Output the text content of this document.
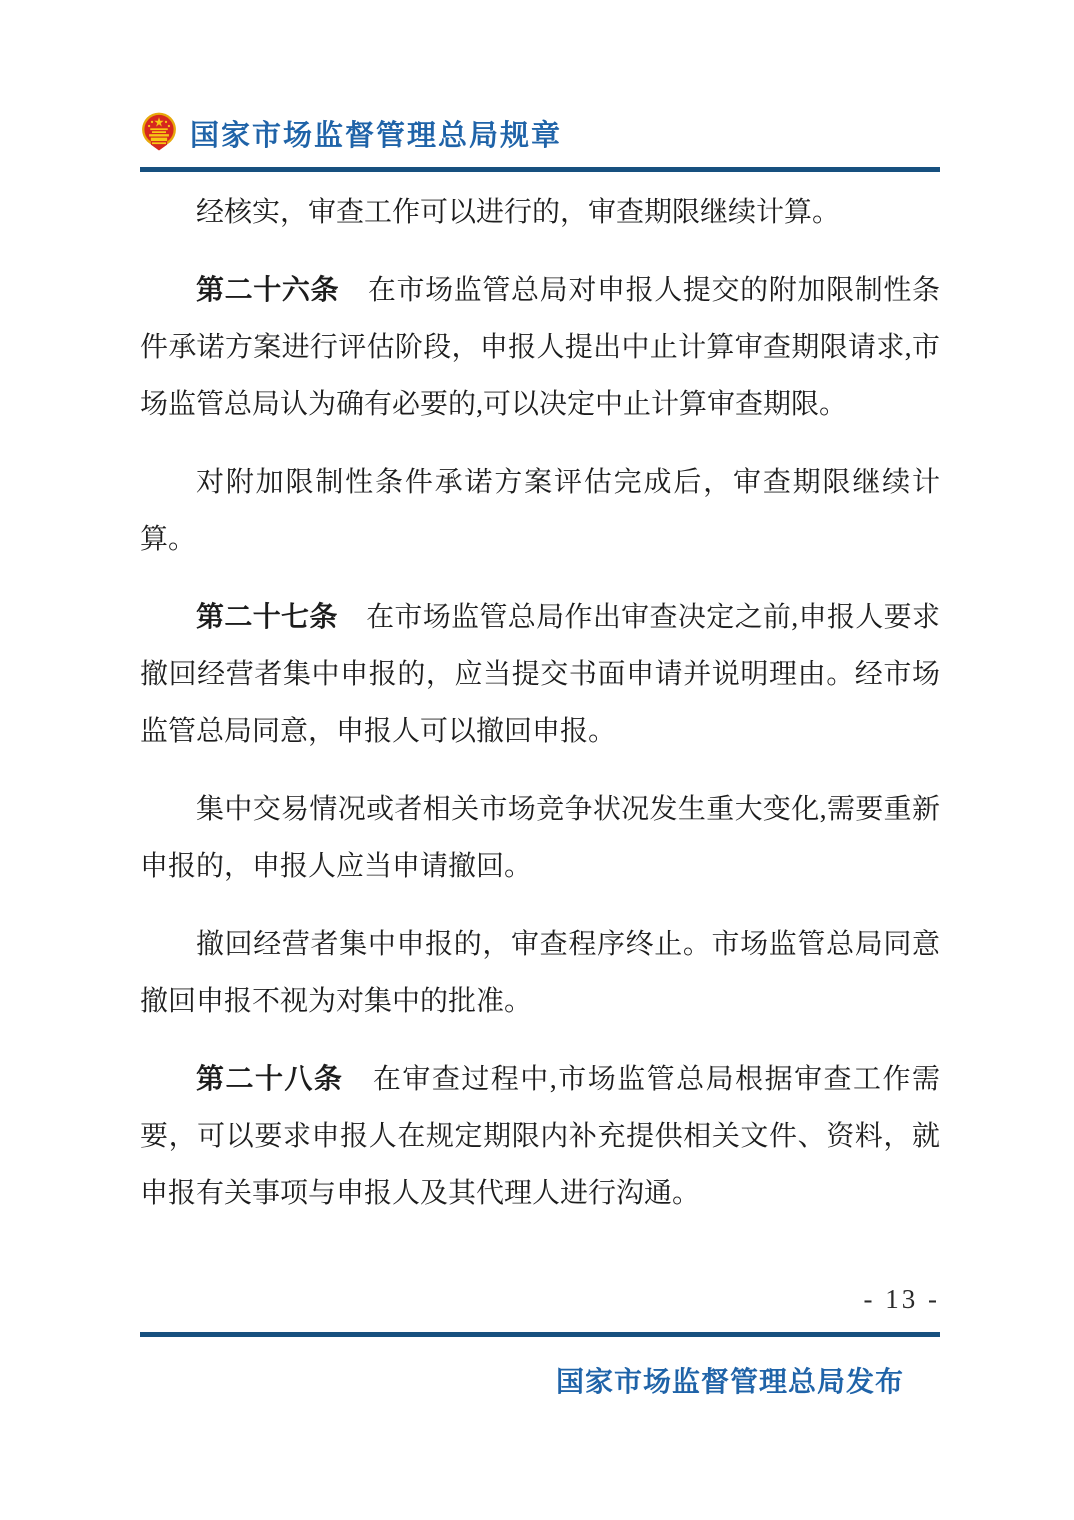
国家市场监督管理总局规章

经核实，审查工作可以进行的，审查期限继续计算。

第二十六条　在市场监管总局对申报人提交的附加限制性条件承诺方案进行评估阶段，申报人提出中止计算审查期限请求,市场监管总局认为确有必要的,可以决定中止计算审查期限。

对附加限制性条件承诺方案评估完成后，审查期限继续计算。

第二十七条　在市场监管总局作出审查决定之前,申报人要求撤回经营者集中申报的，应当提交书面申请并说明理由。经市场监管总局同意，申报人可以撤回申报。

集中交易情况或者相关市场竞争状况发生重大变化,需要重新申报的，申报人应当申请撤回。

撤回经营者集中申报的，审查程序终止。市场监管总局同意撤回申报不视为对集中的批准。

第二十八条　在审查过程中,市场监管总局根据审查工作需要，可以要求申报人在规定期限内补充提供相关文件、资料，就申报有关事项与申报人及其代理人进行沟通。

- 13 -
国家市场监督管理总局发布
